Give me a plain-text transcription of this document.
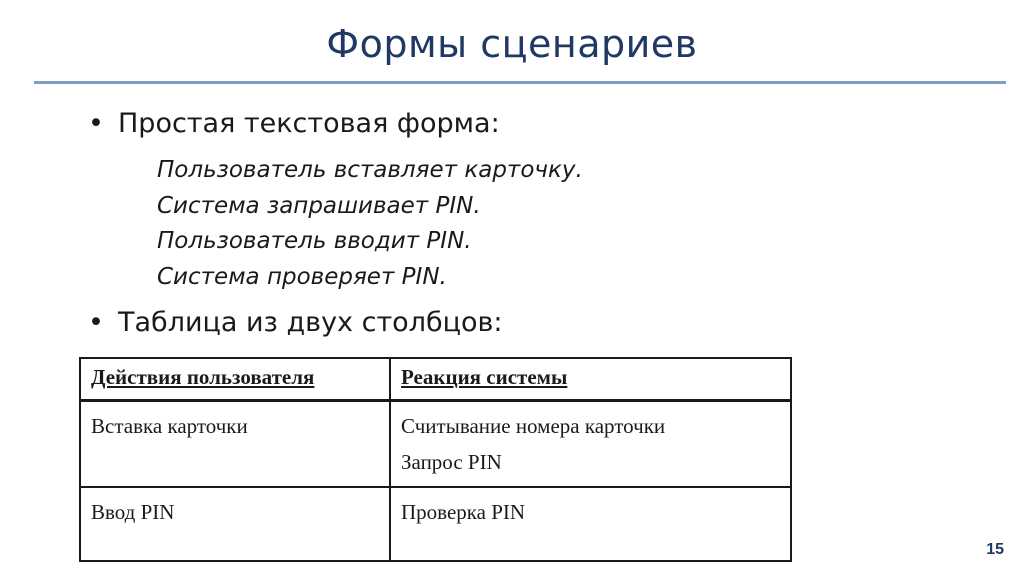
Формы сценариев
• Простая текстовая форма:
Пользователь вставляет карточку.
Система запрашивает PIN.
Пользователь вводит PIN.
Система проверяет PIN.
• Таблица из двух столбцов:
Действия пользователя	Реакция системы

Вставка карточки	Считывание номера карточки
Запрос PIN

Ввод PIN	Проверка PIN
15
